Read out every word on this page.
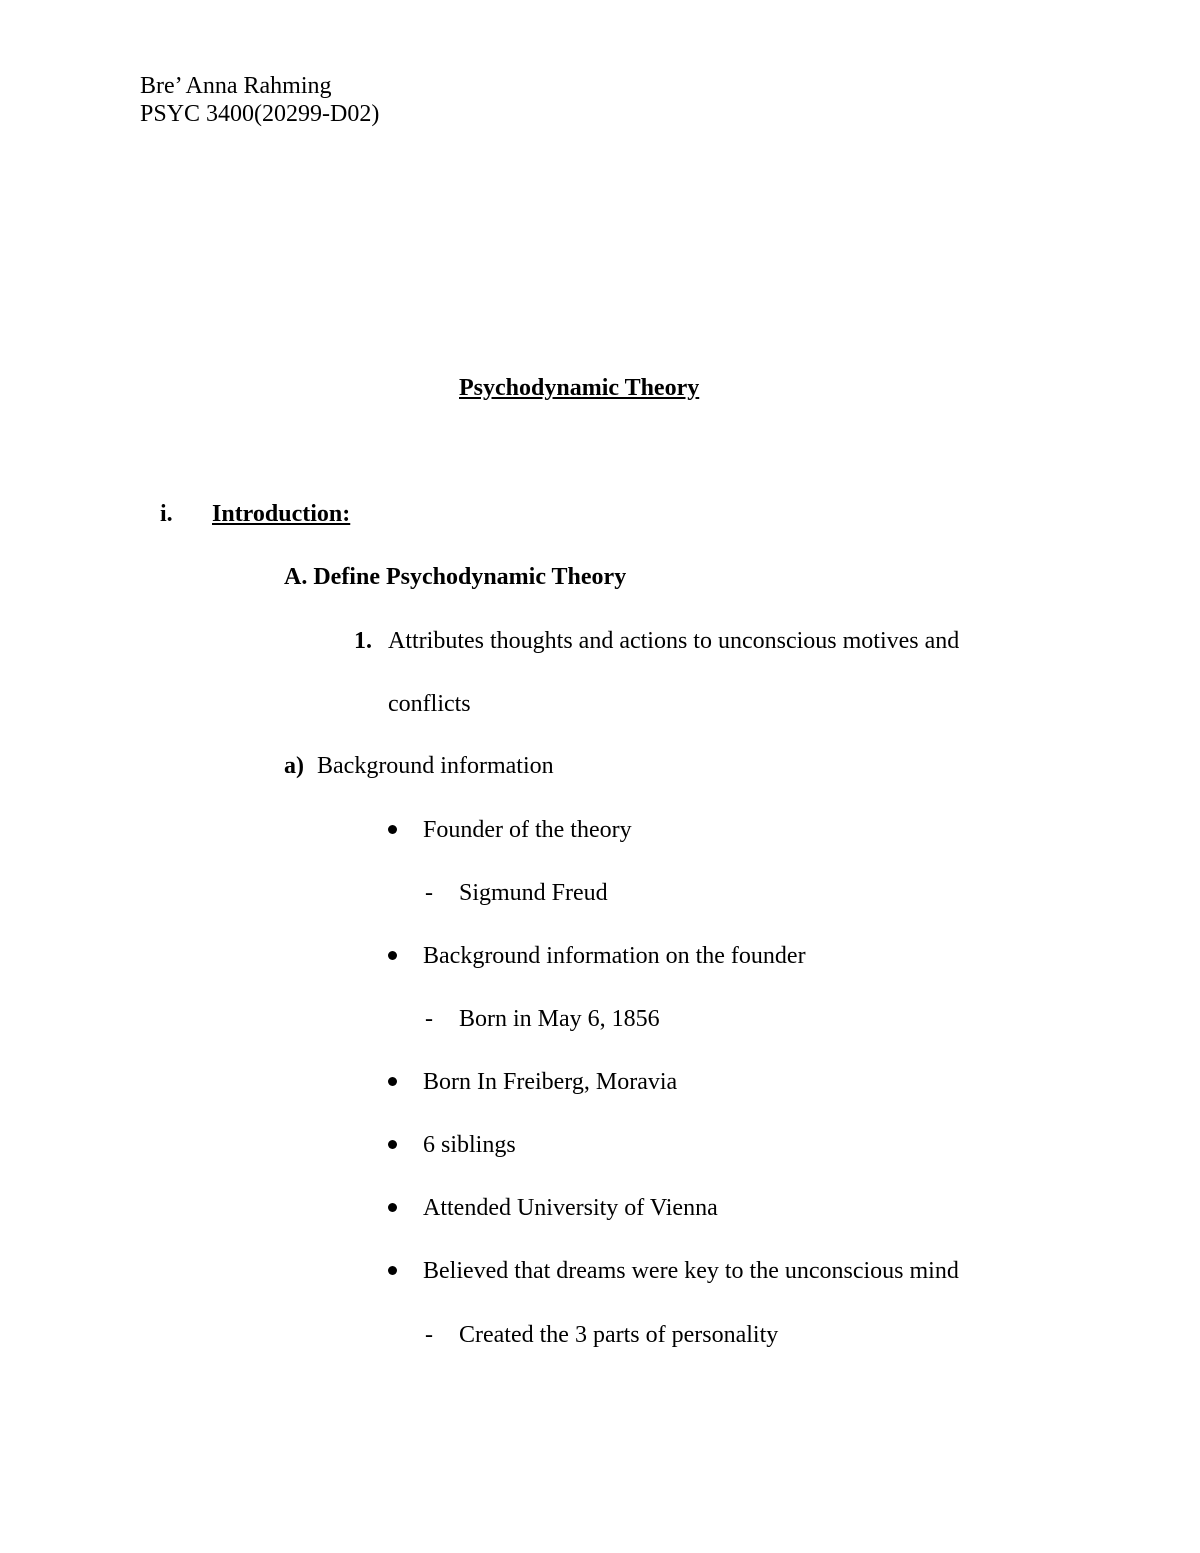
Bre’ Anna Rahming
PSYC 3400(20299-D02)
Psychodynamic Theory
i. Introduction:
A. Define Psychodynamic Theory
1. Attributes thoughts and actions to unconscious motives and
conflicts
a) Background information
Founder of the theory
- Sigmund Freud
Background information on the founder
- Born in May 6, 1856
Born In Freiberg, Moravia
6 siblings
Attended University of Vienna
Believed that dreams were key to the unconscious mind
- Created the 3 parts of personality
